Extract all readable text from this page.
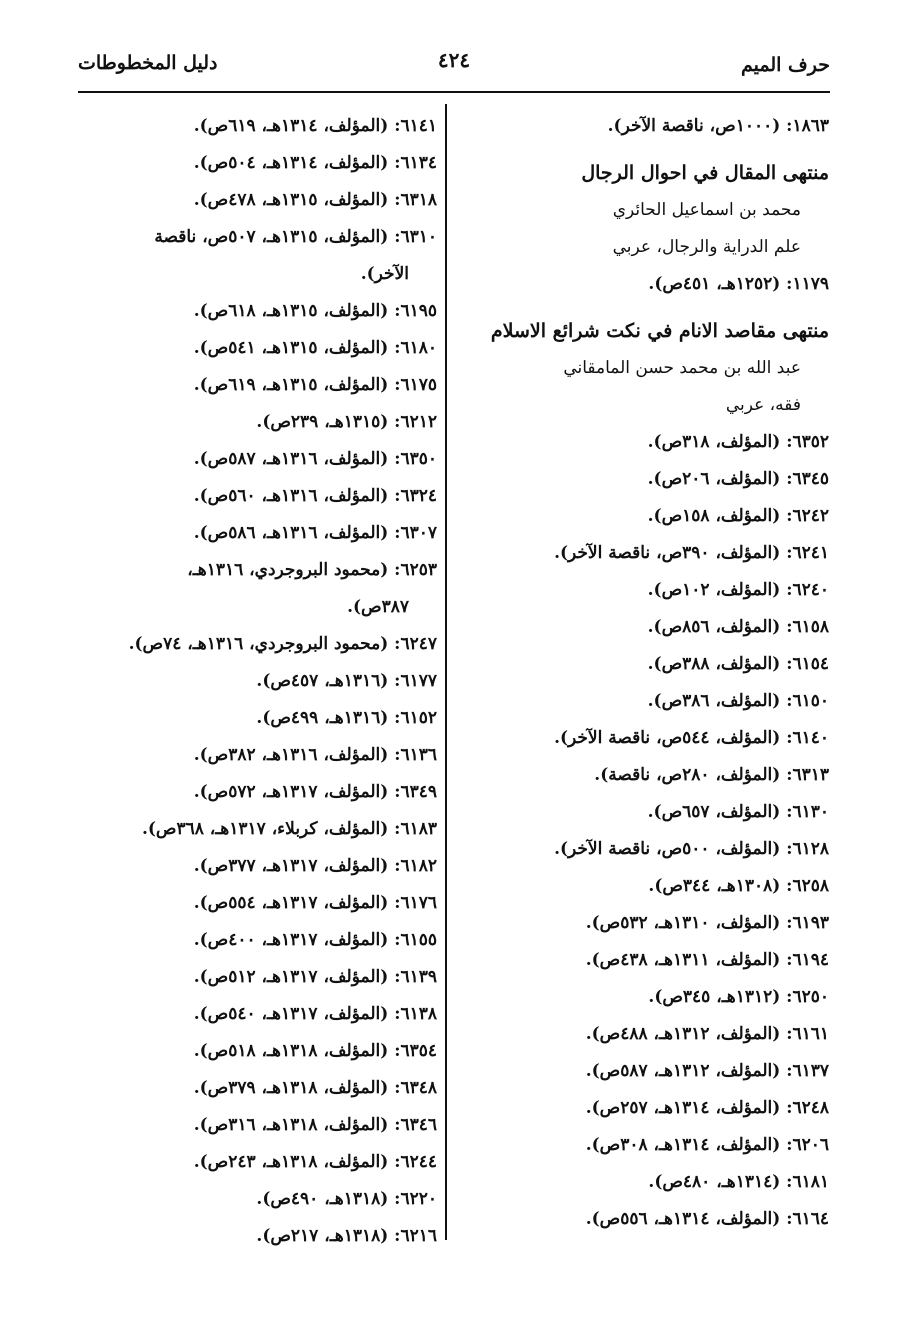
حرف الميم
٤٢٤
دليل المخطوطات
١٨٦٣: (١٠٠٠ص، ناقصة الآخر).
منتهى المقال في احوال الرجال
محمد بن اسماعيل الحائري
علم الدراية والرجال، عربي
١١٧٩: (١٢٥٢هـ، ٤٥١ص).
منتهى مقاصد الانام في نكت شرائع الاسلام
عبد الله بن محمد حسن المامقاني
فقه، عربي
٦٣٥٢: (المؤلف، ٣١٨ص).
٦٣٤٥: (المؤلف، ٢٠٦ص).
٦٢٤٢: (المؤلف، ١٥٨ص).
٦٢٤١: (المؤلف، ٣٩٠ص، ناقصة الآخر).
٦٢٤٠: (المؤلف، ١٠٢ص).
٦١٥٨: (المؤلف، ٨٥٦ص).
٦١٥٤: (المؤلف، ٣٨٨ص).
٦١٥٠: (المؤلف، ٣٨٦ص).
٦١٤٠: (المؤلف، ٥٤٤ص، ناقصة الآخر).
٦٣١٣: (المؤلف، ٢٨٠ص، ناقصة).
٦١٣٠: (المؤلف، ٦٥٧ص).
٦١٢٨: (المؤلف، ٥٠٠ص، ناقصة الآخر).
٦٢٥٨: (١٣٠٨هـ، ٣٤٤ص).
٦١٩٣: (المؤلف، ١٣١٠هـ، ٥٣٢ص).
٦١٩٤: (المؤلف، ١٣١١هـ، ٤٣٨ص).
٦٢٥٠: (١٣١٢هـ، ٣٤٥ص).
٦١٦١: (المؤلف، ١٣١٢هـ، ٤٨٨ص).
٦١٣٧: (المؤلف، ١٣١٢هـ، ٥٨٧ص).
٦٢٤٨: (المؤلف، ١٣١٤هـ، ٢٥٧ص).
٦٢٠٦: (المؤلف، ١٣١٤هـ، ٣٠٨ص).
٦١٨١: (١٣١٤هـ، ٤٨٠ص).
٦١٦٤: (المؤلف، ١٣١٤هـ، ٥٥٦ص).
٦١٤١: (المؤلف، ١٣١٤هـ، ٦١٩ص).
٦١٣٤: (المؤلف، ١٣١٤هـ، ٥٠٤ص).
٦٣١٨: (المؤلف، ١٣١٥هـ، ٤٧٨ص).
٦٣١٠: (المؤلف، ١٣١٥هـ، ٥٠٧ص، ناقصة
الآخر).
٦١٩٥: (المؤلف، ١٣١٥هـ، ٦١٨ص).
٦١٨٠: (المؤلف، ١٣١٥هـ، ٥٤١ص).
٦١٧٥: (المؤلف، ١٣١٥هـ، ٦١٩ص).
٦٢١٢: (١٣١٥هـ، ٢٣٩ص).
٦٣٥٠: (المؤلف، ١٣١٦هـ، ٥٨٧ص).
٦٣٢٤: (المؤلف، ١٣١٦هـ، ٥٦٠ص).
٦٣٠٧: (المؤلف، ١٣١٦هـ، ٥٨٦ص).
٦٢٥٣: (محمود البروجردي، ١٣١٦هـ،
٣٨٧ص).
٦٢٤٧: (محمود البروجردي، ١٣١٦هـ، ٧٤ص).
٦١٧٧: (١٣١٦هـ، ٤٥٧ص).
٦١٥٢: (١٣١٦هـ، ٤٩٩ص).
٦١٣٦: (المؤلف، ١٣١٦هـ، ٣٨٢ص).
٦٣٤٩: (المؤلف، ١٣١٧هـ، ٥٧٢ص).
٦١٨٣: (المؤلف، كربلاء، ١٣١٧هـ، ٣٦٨ص).
٦١٨٢: (المؤلف، ١٣١٧هـ، ٣٧٧ص).
٦١٧٦: (المؤلف، ١٣١٧هـ، ٥٥٤ص).
٦١٥٥: (المؤلف، ١٣١٧هـ، ٤٠٠ص).
٦١٣٩: (المؤلف، ١٣١٧هـ، ٥١٢ص).
٦١٣٨: (المؤلف، ١٣١٧هـ، ٥٤٠ص).
٦٣٥٤: (المؤلف، ١٣١٨هـ، ٥١٨ص).
٦٣٤٨: (المؤلف، ١٣١٨هـ، ٣٧٩ص).
٦٣٤٦: (المؤلف، ١٣١٨هـ، ٣١٦ص).
٦٢٤٤: (المؤلف، ١٣١٨هـ، ٢٤٣ص).
٦٢٢٠: (١٣١٨هـ، ٤٩٠ص).
٦٢١٦: (١٣١٨هـ، ٢١٧ص).
